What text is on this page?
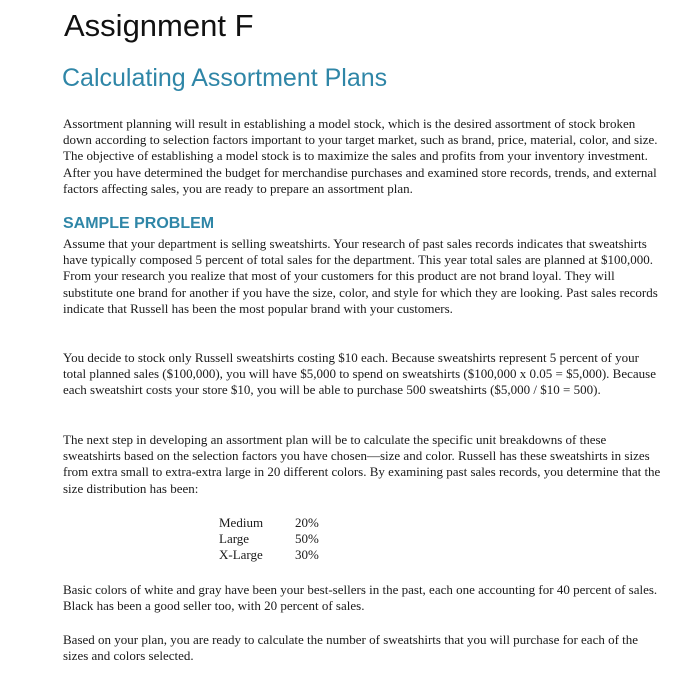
Assignment F
Calculating Assortment Plans

Assortment planning will result in establishing a model stock, which is the desired assortment of stock broken down according to selection factors important to your target market, such as brand, price, material, color, and size. The objective of establishing a model stock is to maximize the sales and profits from your inventory investment. After you have determined the budget for merchandise purchases and examined store records, trends, and external factors affecting sales, you are ready to prepare an assortment plan.

SAMPLE PROBLEM

Assume that your department is selling sweatshirts. Your research of past sales records indicates that sweatshirts have typically composed 5 percent of total sales for the department. This year total sales are planned at $100,000. From your research you realize that most of your customers for this product are not brand loyal. They will substitute one brand for another if you have the size, color, and style for which they are looking. Past sales records indicate that Russell has been the most popular brand with your customers.

You decide to stock only Russell sweatshirts costing $10 each. Because sweatshirts represent 5 percent of your total planned sales ($100,000), you will have $5,000 to spend on sweatshirts ($100,000 x 0.05 = $5,000). Because each sweatshirt costs your store $10, you will be able to purchase 500 sweatshirts ($5,000 / $10 = 500).

The next step in developing an assortment plan will be to calculate the specific unit breakdowns of these sweatshirts based on the selection factors you have chosen—size and color. Russell has these sweatshirts in sizes from extra small to extra-extra large in 20 different colors. By examining past sales records, you determine that the size distribution has been:

Medium	20%
Large	50%
X-Large	30%

Basic colors of white and gray have been your best-sellers in the past, each one accounting for 40 percent of sales. Black has been a good seller too, with 20 percent of sales.

Based on your plan, you are ready to calculate the number of sweatshirts that you will purchase for each of the sizes and colors selected.
